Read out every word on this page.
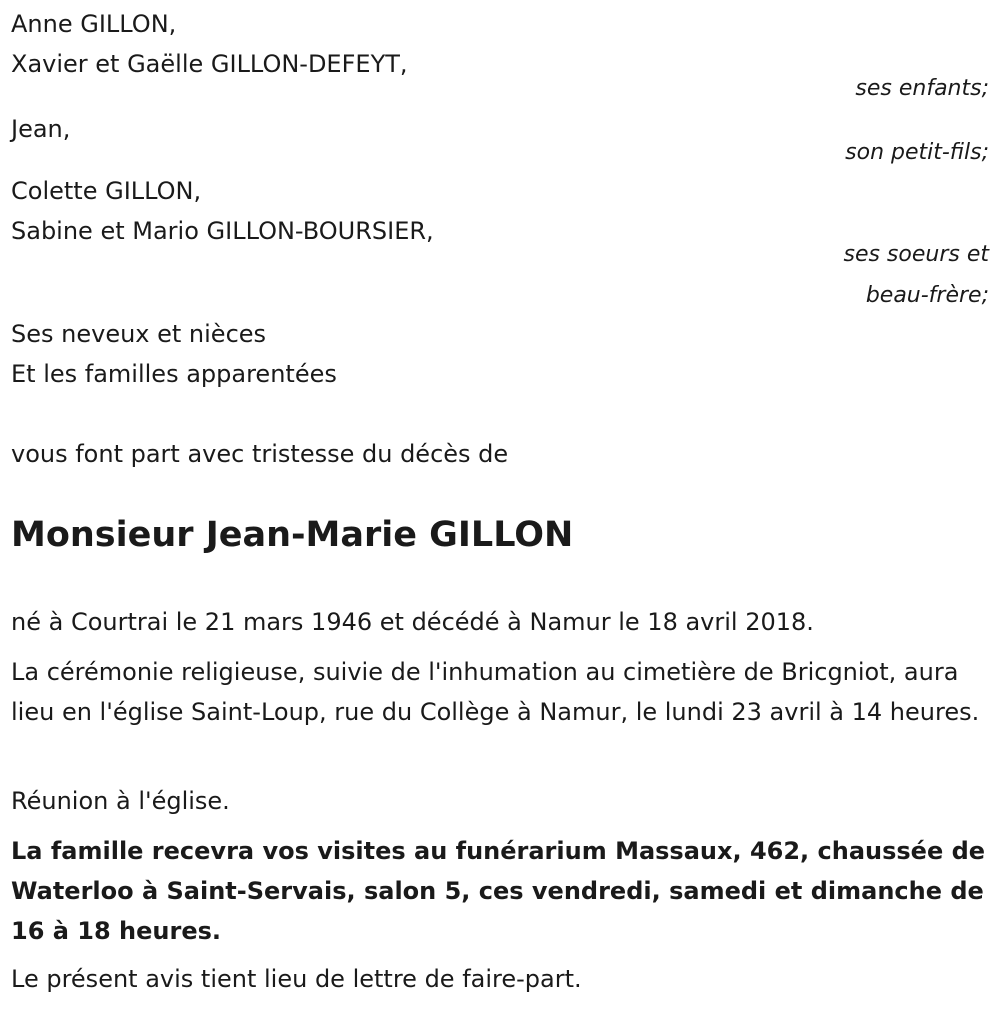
Anne GILLON,
Xavier et Gaëlle GILLON-DEFEYT,
ses enfants;
Jean,
son petit-fils;
Colette GILLON,
Sabine et Mario GILLON-BOURSIER,
ses soeurs et
beau-frère;
Ses neveux et nièces
Et les familles apparentées
vous font part avec tristesse du décès de
Monsieur Jean-Marie GILLON
né à Courtrai le 21 mars 1946 et décédé à Namur le 18 avril 2018.
La cérémonie religieuse, suivie de l'inhumation au cimetière de Bricgniot, aura lieu en l'église Saint-Loup, rue du Collège à Namur, le lundi 23 avril à 14 heures.
Réunion à l'église.
La famille recevra vos visites au funérarium Massaux, 462, chaussée de Waterloo à Saint-Servais, salon 5, ces vendredi, samedi et dimanche de 16 à 18 heures.
Le présent avis tient lieu de lettre de faire-part.
